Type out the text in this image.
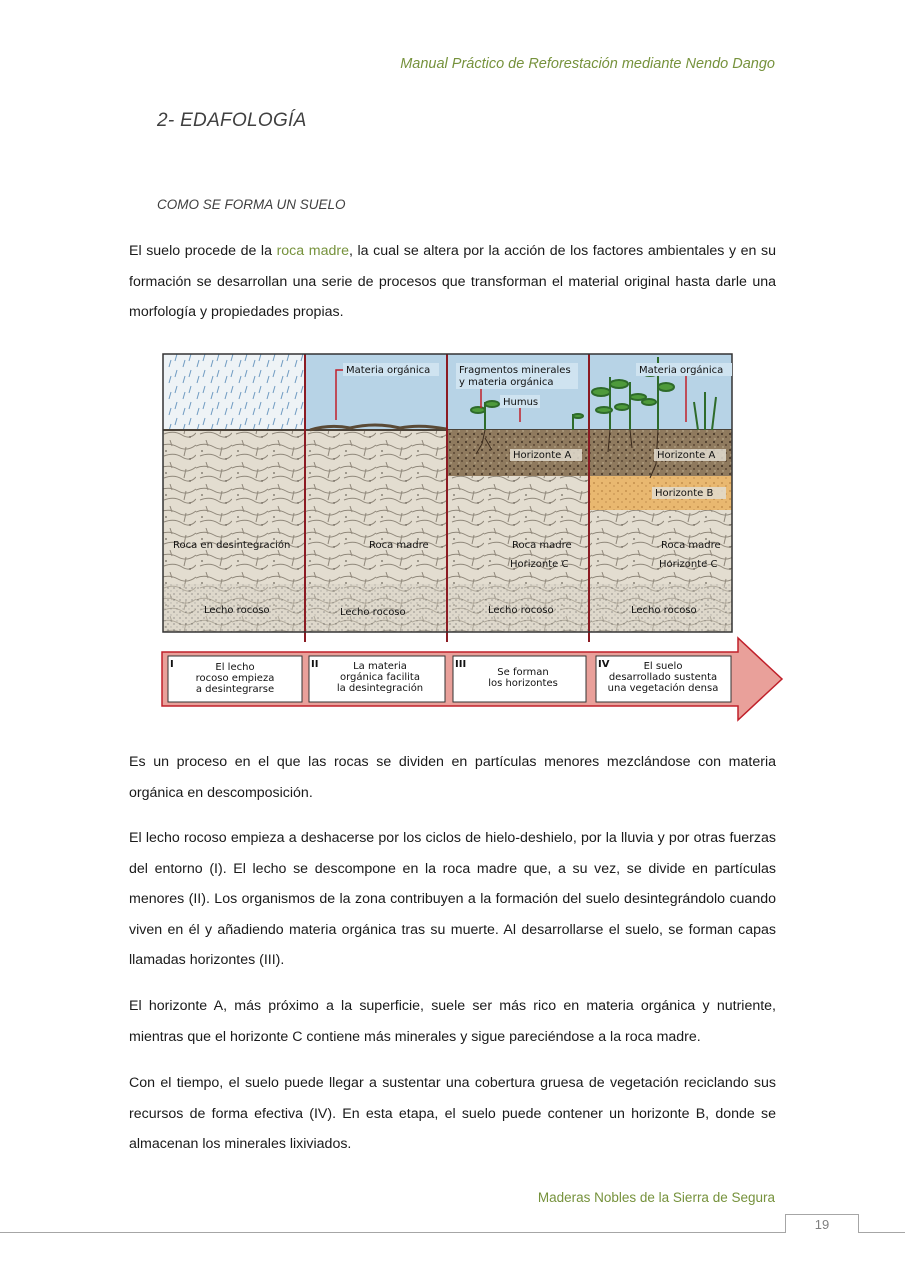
Manual Práctico de Reforestación mediante Nendo Dango
2- EDAFOLOGÍA
COMO SE FORMA UN SUELO

El suelo procede de la roca madre, la cual se altera por la acción de los factores ambientales y en su formación se desarrollan una serie de procesos que transforman el material original hasta darle una morfología y propiedades propias.

Materia orgánica	Fragmentos minerales
y materia orgánica
Humus
Materia orgánica
Horizonte A	Horizonte A
Horizonte B
Roca en desintegración	Roca madre	Roca madre	Roca madre
Horizonte C	Horizonte C
Lecho rocoso	Lecho rocoso	Lecho rocoso	Lecho rocoso
I	El lecho
rocoso empieza
a desintegrarse
II	La materia
orgánica facilita
la desintegración
III
Se forman
los horizontes
IV	El suelo
desarrollado sustenta
una vegetación densa

Es un proceso en el que las rocas se dividen en partículas menores mezclándose con materia orgánica en descomposición.

El lecho rocoso empieza a deshacerse por los ciclos de hielo-deshielo, por la lluvia y por otras fuerzas del entorno (I). El lecho se descompone en la roca madre que, a su vez, se divide en partículas menores (II). Los organismos de la zona contribuyen a la formación del suelo desintegrándolo cuando viven en él y añadiendo materia orgánica tras su muerte. Al desarrollarse el suelo, se forman capas llamadas horizontes (III).

El horizonte A, más próximo a la superficie, suele ser más rico en materia orgánica y nutriente, mientras que el horizonte C contiene más minerales y sigue pareciéndose a la roca madre.

Con el tiempo, el suelo puede llegar a sustentar una cobertura gruesa de vegetación reciclando sus recursos de forma efectiva (IV). En esta etapa, el suelo puede contener un horizonte B, donde se almacenan los minerales lixiviados.

Maderas Nobles de la Sierra de Segura
19
